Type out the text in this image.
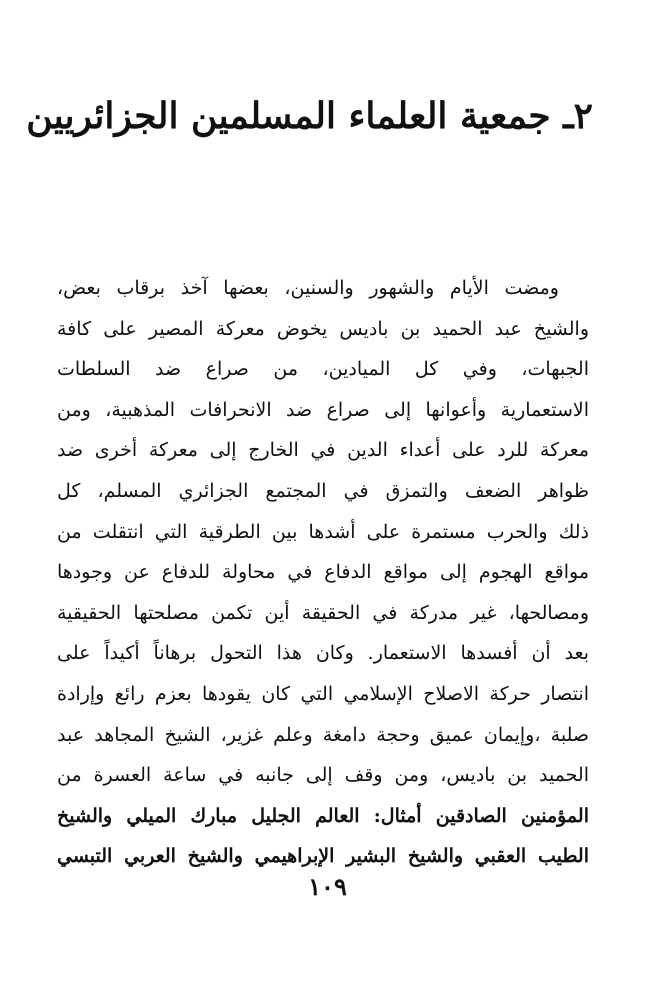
٢ـ جمعية العلماء المسلمين الجزائريين
ومضت الأيام والشهور والسنين، بعضها آخذ برقاب بعض،
والشيخ عبد الحميد بن باديس يخوض معركة المصير على كافة
الجبهات، وفي كل الميادين، من صراع ضد السلطات
الاستعمارية وأعوانها إلى صراع ضد الانحرافات المذهبية، ومن
معركة للرد على أعداء الدين في الخارج إلى معركة أخرى ضد
ظواهر الضعف والتمزق في المجتمع الجزائري المسلم، كل
ذلك والحرب مستمرة على أشدها بين الطرقية التي انتقلت من
مواقع الهجوم إلى مواقع الدفاع في محاولة للدفاع عن وجودها
ومصالحها، غير مدركة في الحقيقة أين تكمن مصلحتها الحقيقية
بعد أن أفسدها الاستعمار. وكان هذا التحول برهاناً أكيداً على
انتصار حركة الاصلاح الإسلامي التي كان يقودها بعزم رائع وإرادة
صلبة ،وإيمان عميق وحجة دامغة وعلم غزير، الشيخ المجاهد عبد
الحميد بن باديس، ومن وقف إلى جانبه في ساعة العسرة من
المؤمنين الصادقين أمثال: العالم الجليل مبارك الميلي والشيخ
الطيب العقبي والشيخ البشير الإبراهيمي والشيخ العربي التبسي
١٠٩
